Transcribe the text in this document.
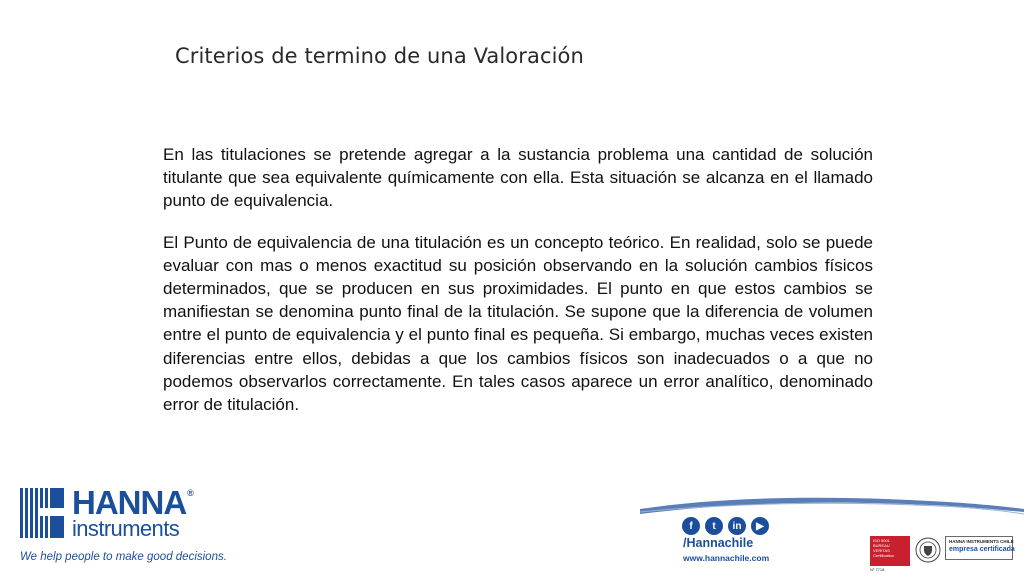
Criterios de termino de una Valoración

En las titulaciones se pretende agregar a la sustancia problema una cantidad de solución titulante que sea equivalente químicamente con ella. Esta situación se alcanza en el llamado punto de equivalencia.

El Punto de equivalencia de una titulación es un concepto teórico. En realidad, solo se puede evaluar con mas o menos exactitud su posición observando en la solución cambios físicos determinados, que se producen en sus proximidades. El punto en que estos cambios se manifiestan se denomina punto final de la titulación. Se supone que la diferencia de volumen entre el punto de equivalencia y el punto final es pequeña. Si embargo, muchas veces existen diferencias entre ellos, debidas a que los cambios físicos son inadecuados o a que no podemos observarlos correctamente. En tales casos aparece un error analítico, denominado error de titulación.

HANNA®
instruments
We help people to make good decisions.
f	t	in	▶
/Hannachile
www.hannachile.com
ISO 9001 BUREAU VERITAS Certification
Nº 7718
HANNA INSTRUMENTS CHILE
empresa certificada
